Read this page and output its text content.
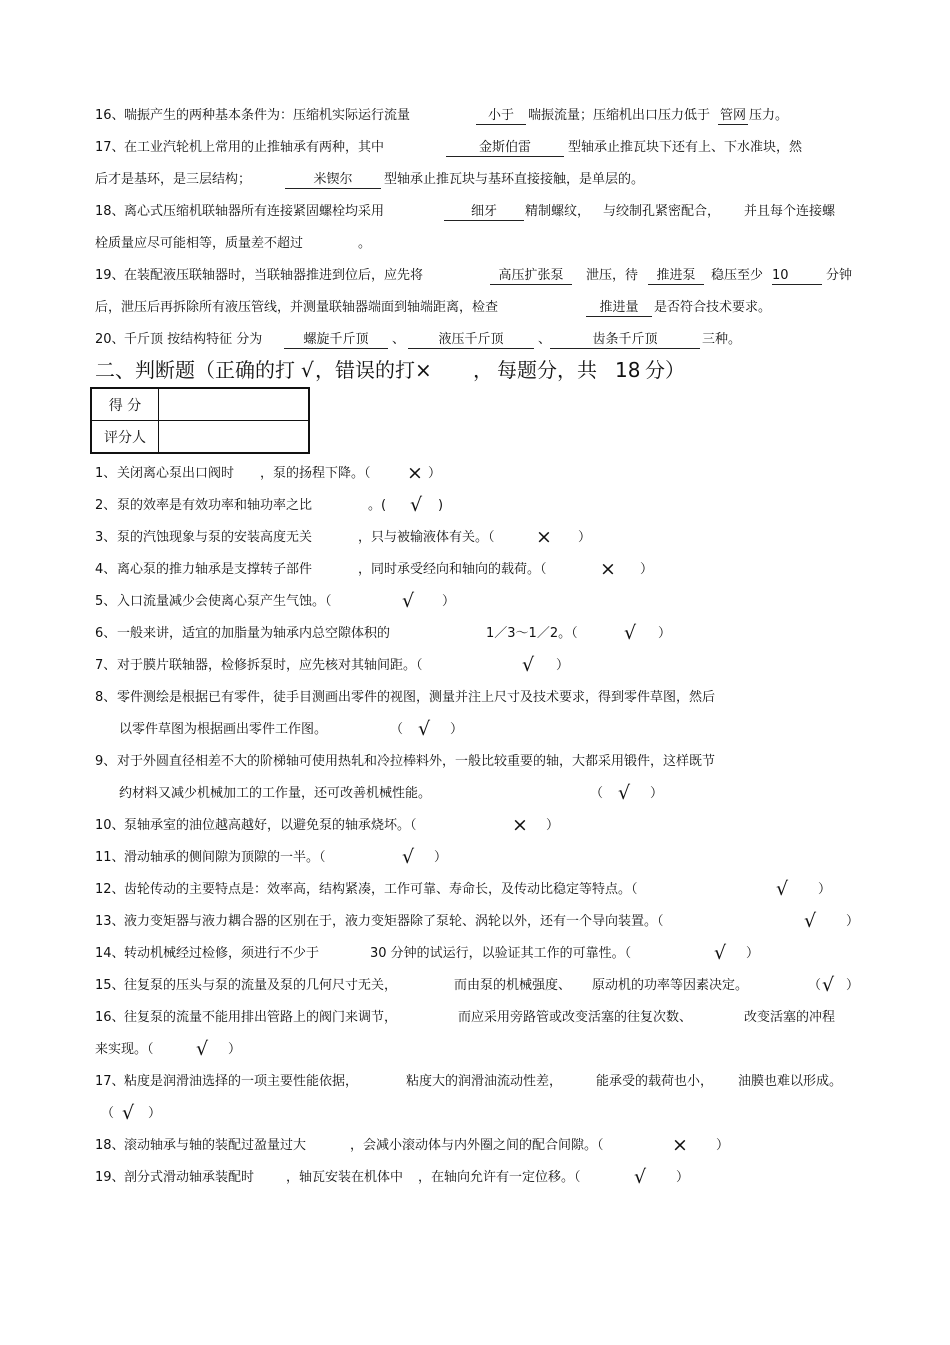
16、 喘振产生的两种基本条件为：压缩机实际运行流量	小于	喘振流量；压缩机出口压力低于 管网 压力。
17、 在工业汽轮机上常用的止推轴承有两种，其中	金斯伯雷	型轴承止推瓦块下还有上、下水准块，然
后才是基环，是三层结构；	米锲尔	型轴承止推瓦块与基环直接接触，是单层的。
18、 离心式压缩机联轴器所有连接紧固螺栓均采用	细牙	精制螺纹， 与绞制孔紧密配合， 并且每个连接螺
栓质量应尽可能相等，质量差不超过	。
19、 在装配液压联轴器时，当联轴器推进到位后，应先将	高压扩张泵	泄压，待	推进泵	稳压至少 10	分钟
后，泄压后再拆除所有液压管线，并测量联轴器端面到轴端距离，检查	推进量	是否符合技术要求。
20、 千斤顶 按结构特征 分为	螺旋千斤顶	、	液压千斤顶	、	齿条千斤顶	三种。
二、判断题（正确的打 √ ，错误的打× ， 每题分，共 18 分）
得 分	
评分人	
1、 关闭离心泵出口阀时 ，泵的扬程下降。（ × ）
2、 泵的效率是有效功率和轴功率之比	。( √ )
3、 泵的汽蚀现象与泵的安装高度无关	，只与被输液体有关。（ × ）
4、 离心泵的推力轴承是支撑转子部件	，同时承受经向和轴向的载荷。（	× ）
5、 入口流量减少会使离心泵产生气蚀。（	√ ）
6、 一般来讲，适宜的加脂量为轴承内总空隙体积的	1／3～1／2。（ √ ）
7、 对于膜片联轴器，检修拆泵时，应先核对其轴间距。（	√ ）
8、 零件测绘是根据已有零件，徒手目测画出零件的视图，测量并注上尺寸及技术要求，得到零件草图，然后
以零件草图为根据画出零件工作图。	（ √ ）
9、 对于外圆直径相差不大的阶梯轴可使用热轧和冷拉棒料外，一般比较重要的轴，大都采用锻件，这样既节
约材料又减少机械加工的工作量，还可改善机械性能。	（ √ ）
10、 泵轴承室的油位越高越好，以避免泵的轴承烧坏。（	× ）
11、 滑动轴承的侧间隙为顶隙的一半。（	√ ）
12、 齿轮传动的主要特点是：效率高，结构紧凑，工作可靠、寿命长，及传动比稳定等特点。（	√ ）
13、 液力变矩器与液力耦合器的区别在于，液力变矩器除了泵轮、涡轮以外，还有一个导向装置。（	√ ）
14、 转动机械经过检修，须进行不少于	30 分钟的试运行，以验证其工作的可靠性。（	√ ）
15、 往复泵的压头与泵的流量及泵的几何尺寸无关，	而由泵的机械强度、 原动机的功率等因素决定。	（ √ ）
16、 往复泵的流量不能用排出管路上的阀门来调节，	而应采用旁路管或改变活塞的往复次数、	改变活塞的冲程
来实现。（ √ ）
17、 粘度是润滑油选择的一项主要性能依据，	粘度大的润滑油流动性差，	能承受的载荷也小， 油膜也难以形成。
（ √ ）
18、 滚动轴承与轴的装配过盈量过大	，会减小滚动体与内外圈之间的配合间隙。（	× ）
19、 剖分式滑动轴承装配时 ，轴瓦安装在机体中 ，在轴向允许有一定位移。（	√ ）
